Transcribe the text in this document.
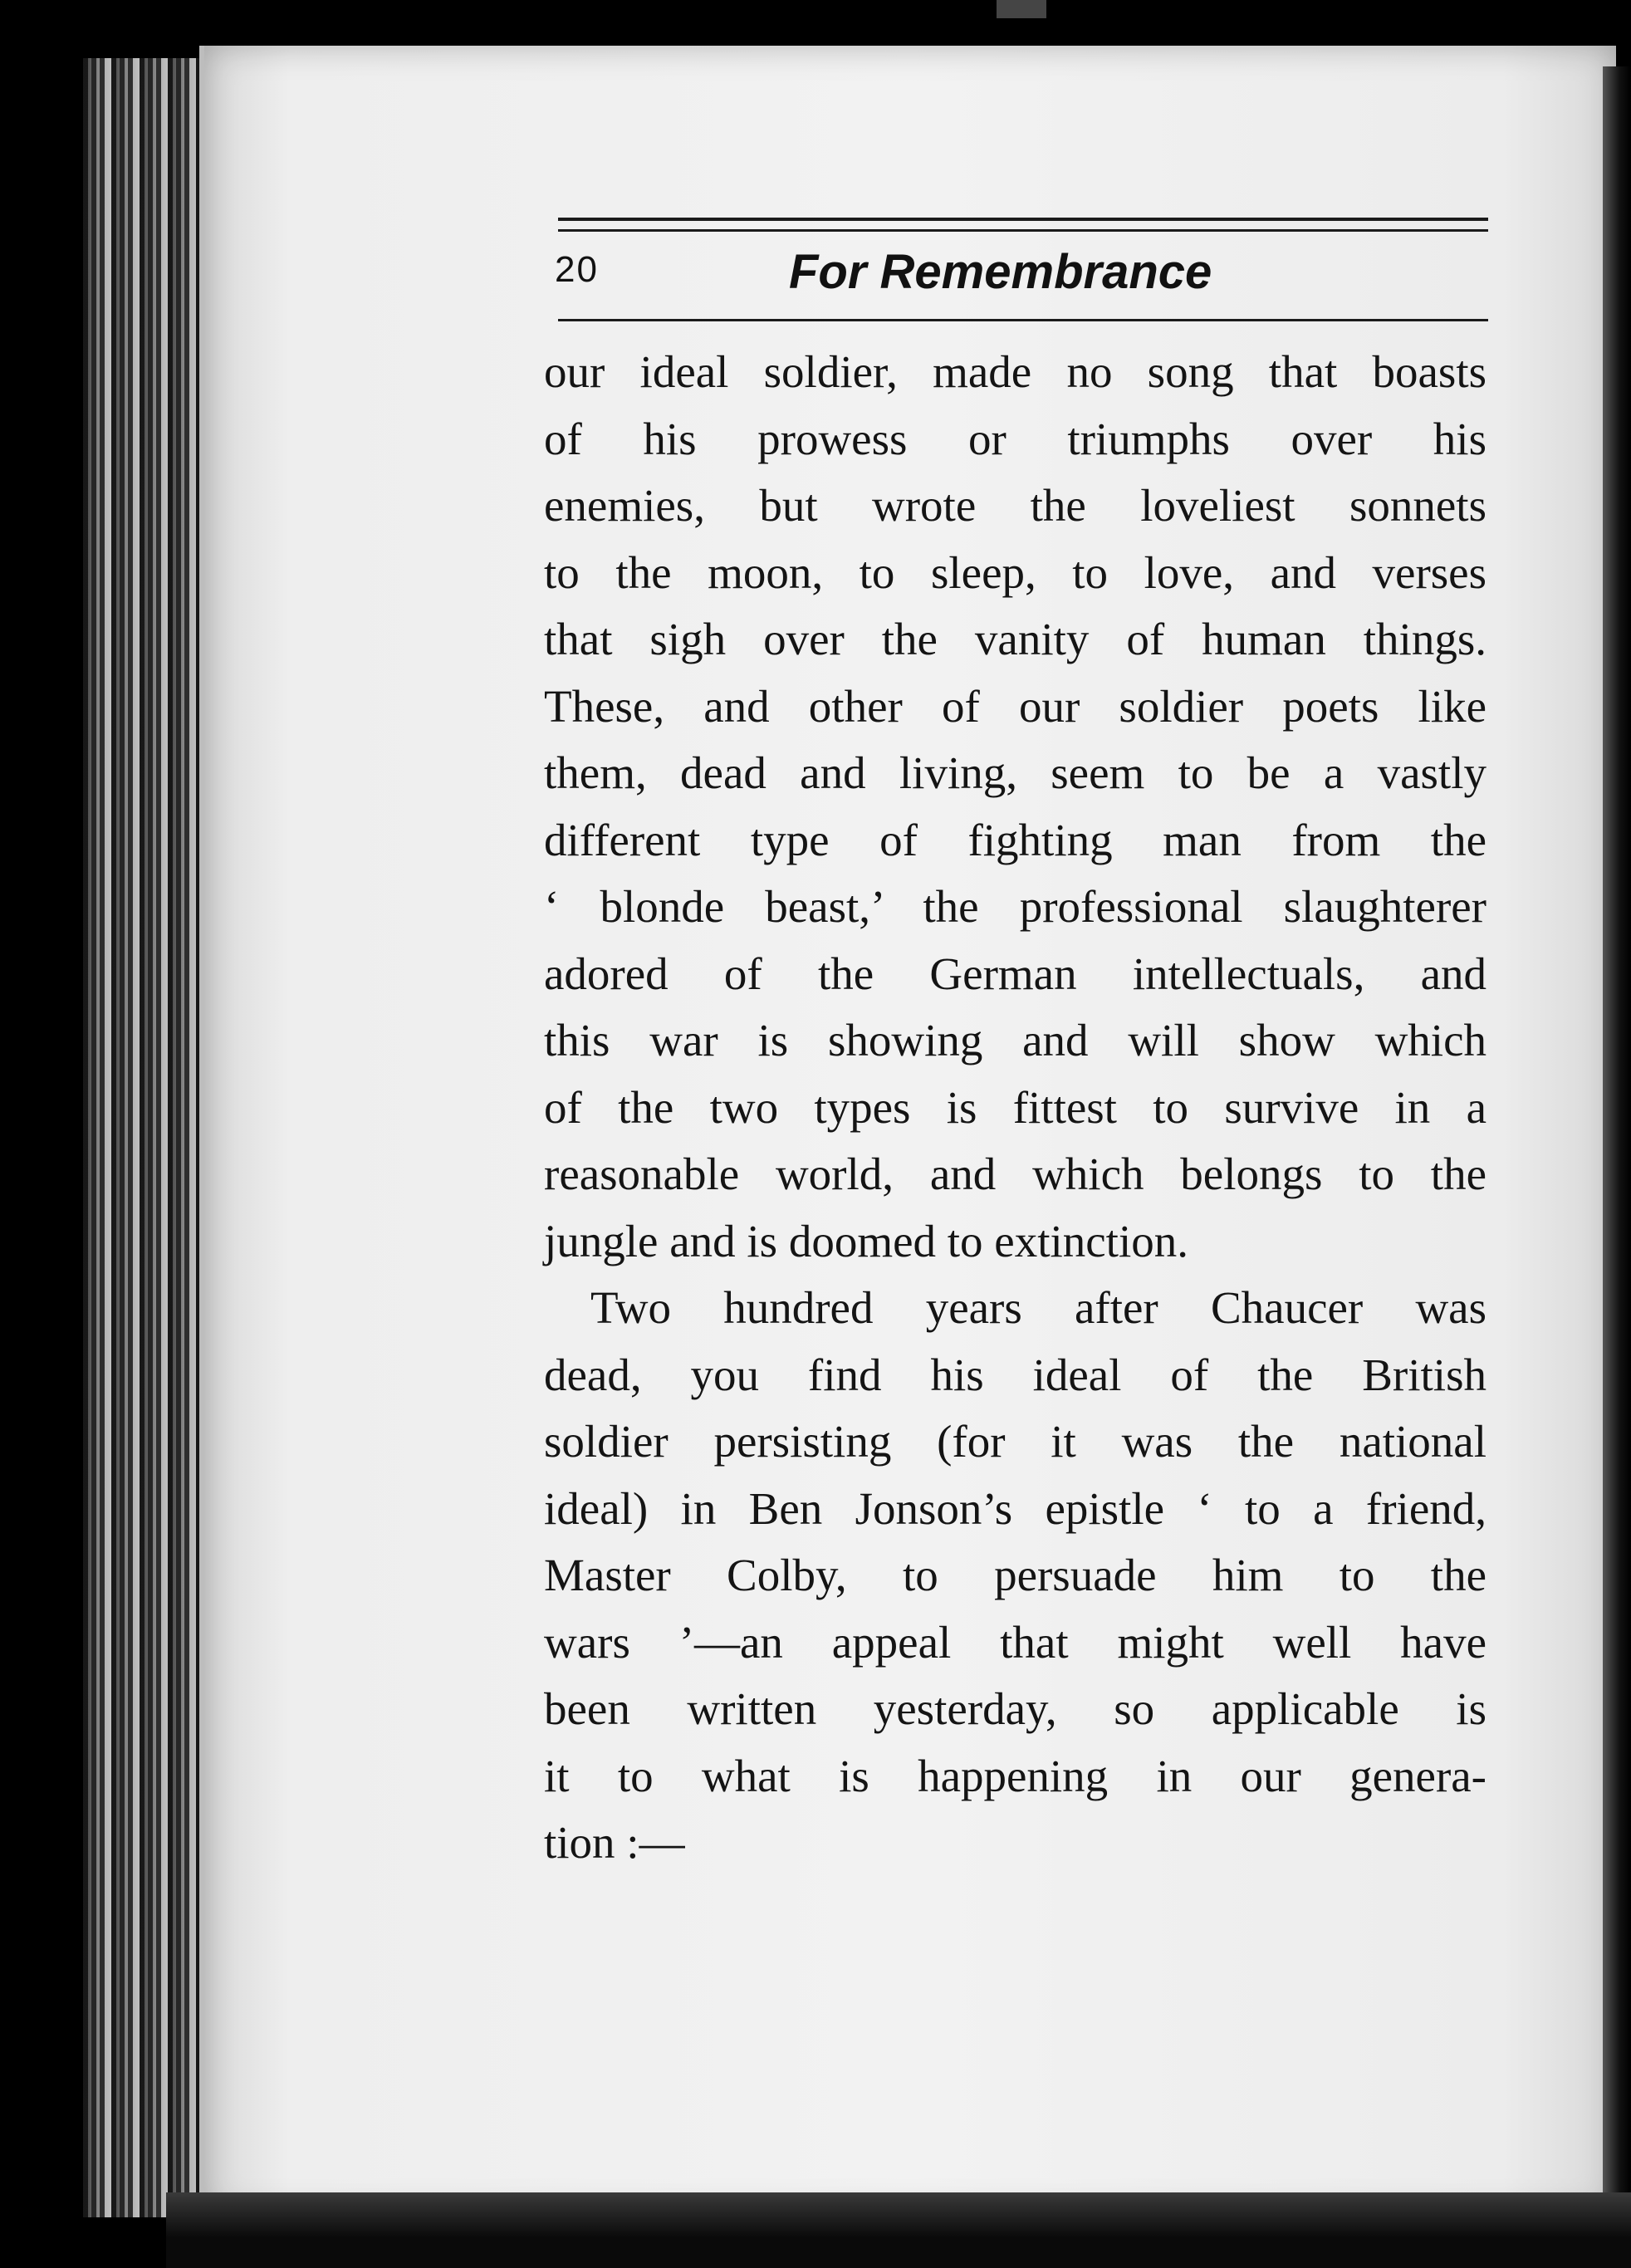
20	For Remembrance
our ideal soldier, made no song that boasts
of his prowess or triumphs over his
enemies, but wrote the loveliest sonnets
to the moon, to sleep, to love, and verses
that sigh over the vanity of human things.
These, and other of our soldier poets like
them, dead and living, seem to be a vastly
different type of fighting man from the
‘ blonde beast,’ the professional slaughterer
adored of the German intellectuals, and
this war is showing and will show which
of the two types is fittest to survive in a
reasonable world, and which belongs to the
jungle and is doomed to extinction.
Two hundred years after Chaucer was
dead, you find his ideal of the British
soldier persisting (for it was the national
ideal) in Ben Jonson’s epistle ‘ to a friend,
Master Colby, to persuade him to the
wars ’—an appeal that might well have
been written yesterday, so applicable is
it to what is happening in our genera-
tion :—
